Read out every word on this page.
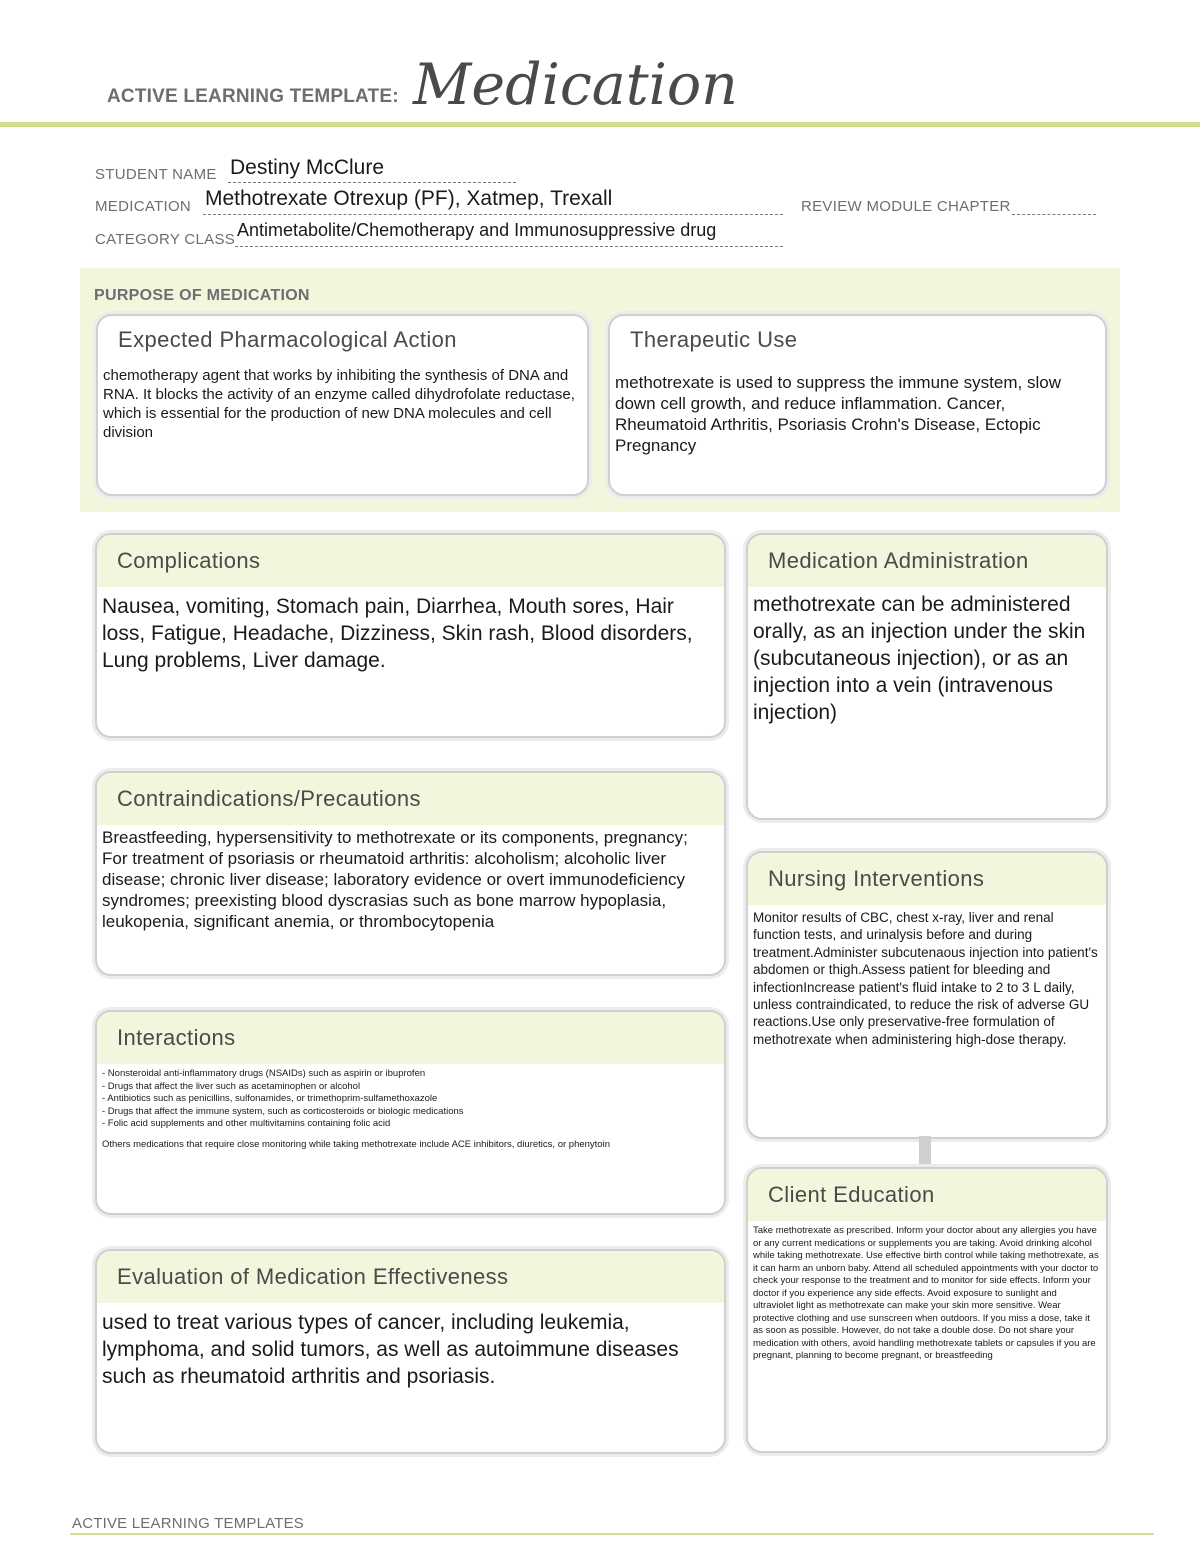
ACTIVE LEARNING TEMPLATE: Medication
STUDENT NAME Destiny McClure
MEDICATION Methotrexate Otrexup (PF), Xatmep, Trexall	REVIEW MODULE CHAPTER
CATEGORY CLASS Antimetabolite/Chemotherapy and Immunosuppressive drug
PURPOSE OF MEDICATION
Expected Pharmacological Action
chemotherapy agent that works by inhibiting the synthesis of DNA and RNA. It blocks the activity of an enzyme called dihydrofolate reductase, which is essential for the production of new DNA molecules and cell division
Therapeutic Use
methotrexate is used to suppress the immune system, slow down cell growth, and reduce inflammation. Cancer, Rheumatoid Arthritis, Psoriasis Crohn's Disease, Ectopic Pregnancy
Complications
Nausea, vomiting, Stomach pain, Diarrhea, Mouth sores, Hair loss, Fatigue, Headache, Dizziness, Skin rash, Blood disorders, Lung problems, Liver damage.
Medication Administration
methotrexate can be administered orally, as an injection under the skin (subcutaneous injection), or as an injection into a vein (intravenous injection)
Contraindications/Precautions
Breastfeeding, hypersensitivity to methotrexate or its components, pregnancy; For treatment of psoriasis or rheumatoid arthritis: alcoholism; alcoholic liver disease; chronic liver disease; laboratory evidence or overt immunodeficiency syndromes; preexisting blood dyscrasias such as bone marrow hypoplasia, leukopenia, significant anemia, or thrombocytopenia
Nursing Interventions
Monitor results of CBC, chest x-ray, liver and renal function tests, and urinalysis before and during treatment.Administer subcutenaous injection into patient's abdomen or thigh.Assess patient for bleeding and infectionIncrease patient's fluid intake to 2 to 3 L daily, unless contraindicated, to reduce the risk of adverse GU reactions.Use only preservative-free formulation of methotrexate when administering high-dose therapy.
Interactions
- Nonsteroidal anti-inflammatory drugs (NSAIDs) such as aspirin or ibuprofen
- Drugs that affect the liver such as acetaminophen or alcohol
- Antibiotics such as penicillins, sulfonamides, or trimethoprim-sulfamethoxazole
- Drugs that affect the immune system, such as corticosteroids or biologic medications
- Folic acid supplements and other multivitamins containing folic acid
Others medications that require close monitoring while taking methotrexate include ACE inhibitors, diuretics, or phenytoin
Client Education
Take methotrexate as prescribed. Inform your doctor about any allergies you have or any current medications or supplements you are taking. Avoid drinking alcohol while taking methotrexate. Use effective birth control while taking methotrexate, as it can harm an unborn baby. Attend all scheduled appointments with your doctor to check your response to the treatment and to monitor for side effects. Inform your doctor if you experience any side effects. Avoid exposure to sunlight and ultraviolet light as methotrexate can make your skin more sensitive. Wear protective clothing and use sunscreen when outdoors. If you miss a dose, take it as soon as possible. However, do not take a double dose. Do not share your medication with others, avoid handling methotrexate tablets or capsules if you are pregnant, planning to become pregnant, or breastfeeding
Evaluation of Medication Effectiveness
used to treat various types of cancer, including leukemia, lymphoma, and solid tumors, as well as autoimmune diseases such as rheumatoid arthritis and psoriasis.
ACTIVE LEARNING TEMPLATES
